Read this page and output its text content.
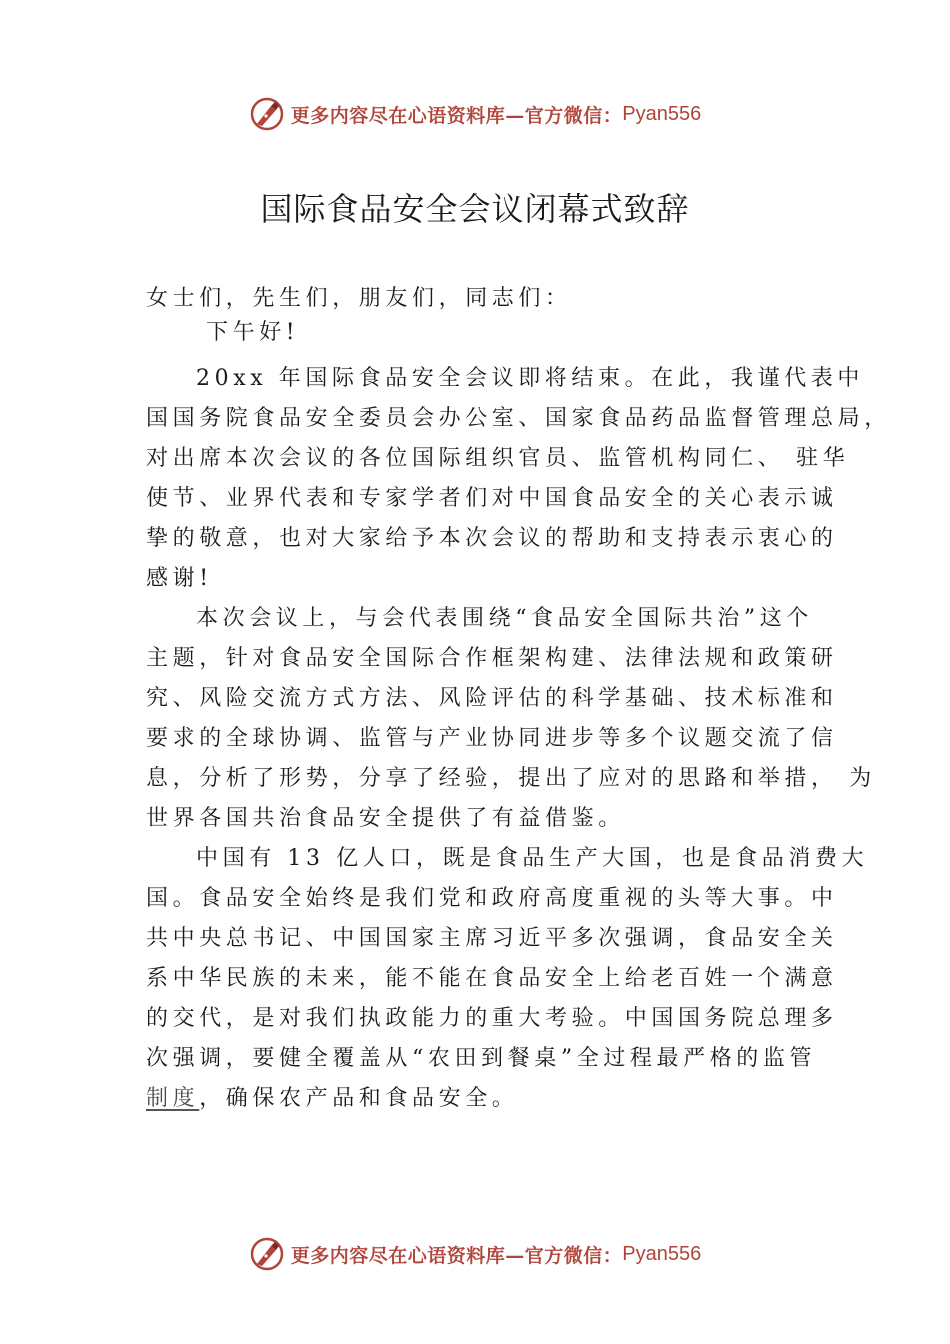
更多内容尽在心语资料库—官方微信： Pyan556
国际食品安全会议闭幕式致辞
女士们，先生们，朋友们，同志们：
下午好!
20xx 年国际食品安全会议即将结束。在此，我谨代表中
国国务院食品安全委员会办公室、国家食品药品监督管理总局，
对出席本次会议的各位国际组织官员、监管机构同仁、 驻华
使节、业界代表和专家学者们对中国食品安全的关心表示诚
挚的敬意，也对大家给予本次会议的帮助和支持表示衷心的
感谢!
本次会议上，与会代表围绕“食品安全国际共治”这个
主题，针对食品安全国际合作框架构建、法律法规和政策研
究、风险交流方式方法、风险评估的科学基础、技术标准和
要求的全球协调、监管与产业协同进步等多个议题交流了信
息，分析了形势，分享了经验，提出了应对的思路和举措， 为
世界各国共治食品安全提供了有益借鉴。
中国有 13 亿人口，既是食品生产大国，也是食品消费大
国。食品安全始终是我们党和政府高度重视的头等大事。中
共中央总书记、中国国家主席习近平多次强调，食品安全关
系中华民族的未来，能不能在食品安全上给老百姓一个满意
的交代，是对我们执政能力的重大考验。中国国务院总理多
次强调，要健全覆盖从“农田到餐桌”全过程最严格的监管
制度，确保农产品和食品安全。
更多内容尽在心语资料库—官方微信： Pyan556
